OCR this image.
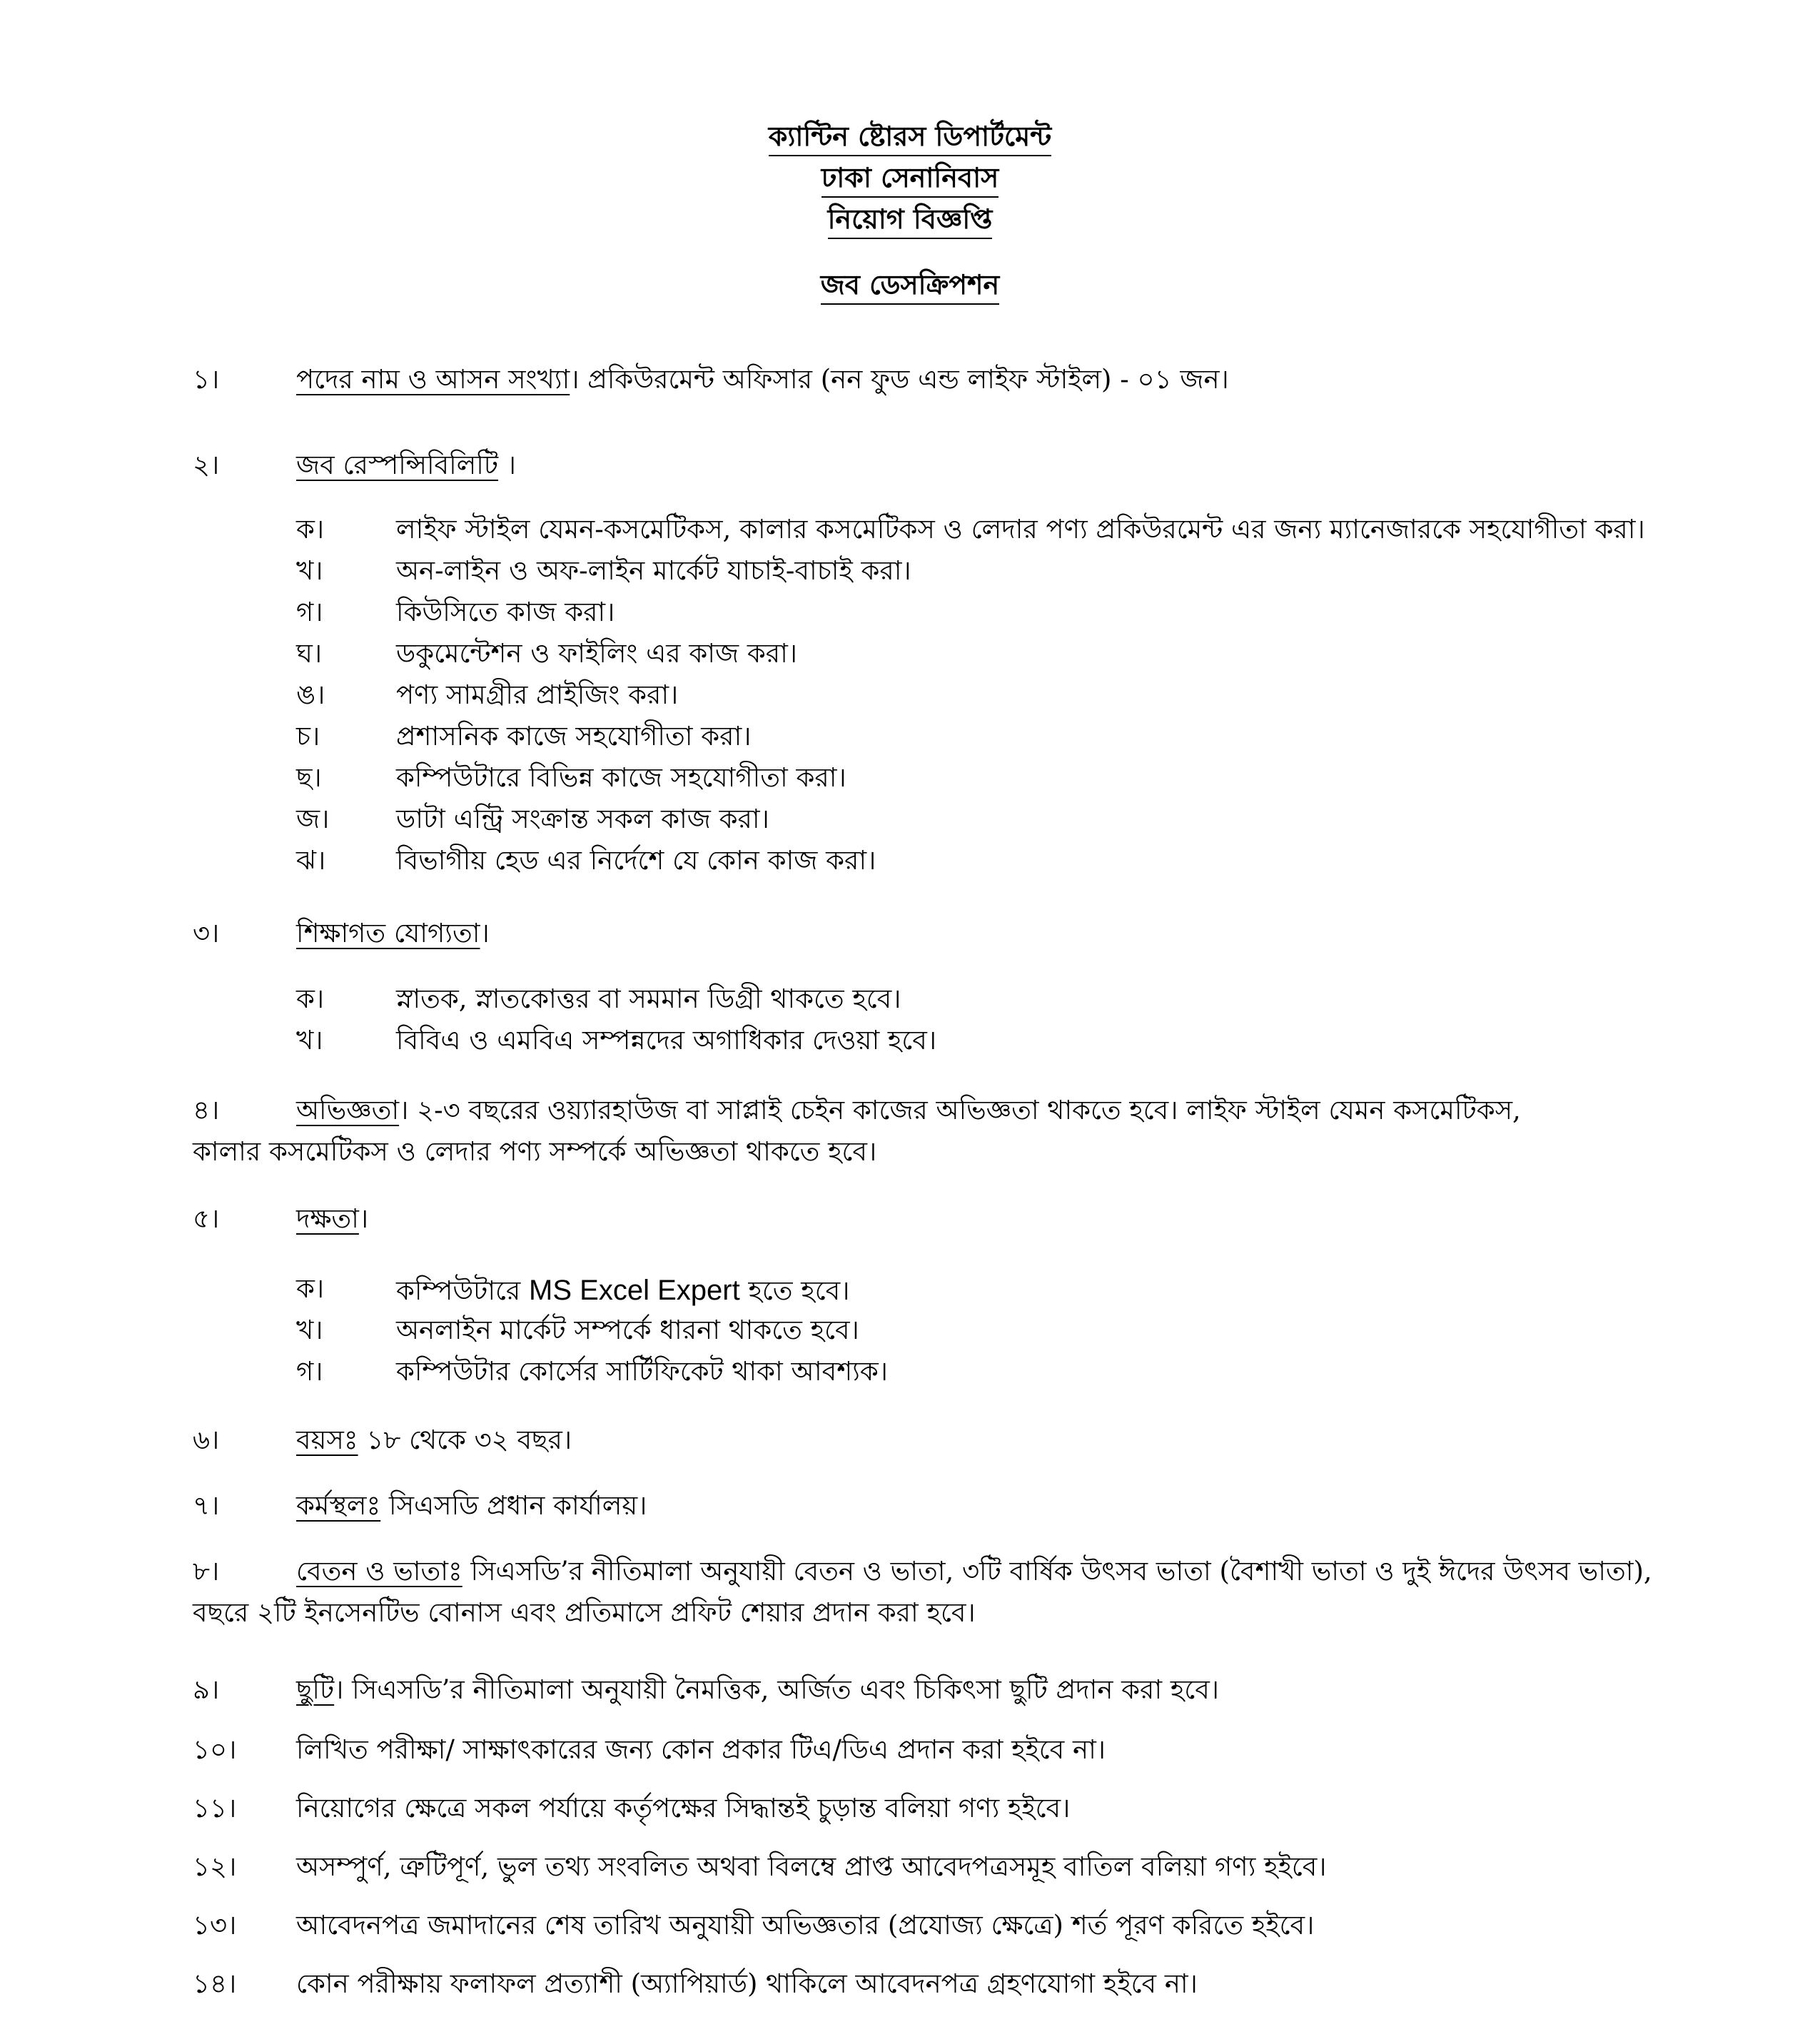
ক্যান্টিন ষ্টোরস ডিপার্টমেন্ট
ঢাকা সেনানিবাস
নিয়োগ বিজ্ঞপ্তি
জব ডেসক্রিপশন
১।	পদের নাম ও আসন সংখ্যা। প্রকিউরমেন্ট অফিসার (নন ফুড এন্ড লাইফ স্টাইল) - ০১ জন।
২।	জব রেস্পন্সিবিলিটি ।
ক।	লাইফ স্টাইল যেমন-কসমেটিকস, কালার কসমেটিকস ও লেদার পণ্য প্রকিউরমেন্ট এর জন্য ম্যানেজারকে সহযোগীতা করা।
খ।	অন-লাইন ও অফ-লাইন মার্কেট যাচাই-বাচাই করা।
গ।	কিউসিতে কাজ করা।
ঘ।	ডকুমেন্টেশন ও ফাইলিং এর কাজ করা।
ঙ।	পণ্য সামগ্রীর প্রাইজিং করা।
চ।	প্রশাসনিক কাজে সহযোগীতা করা।
ছ।	কম্পিউটারে বিভিন্ন কাজে সহযোগীতা করা।
জ।	ডাটা এন্ট্রি সংক্রান্ত সকল কাজ করা।
ঝ।	বিভাগীয় হেড এর নির্দেশে যে কোন কাজ করা।
৩।	শিক্ষাগত যোগ্যতা।
ক।	স্নাতক, স্নাতকোত্তর বা সমমান ডিগ্রী থাকতে হবে।
খ।	বিবিএ ও এমবিএ সম্পন্নদের অগাধিকার দেওয়া হবে।
৪।	অভিজ্ঞতা। ২-৩ বছরের ওয়্যারহাউজ বা সাপ্লাই চেইন কাজের অভিজ্ঞতা থাকতে হবে। লাইফ স্টাইল যেমন কসমেটিকস,
কালার কসমেটিকস ও লেদার পণ্য সম্পর্কে অভিজ্ঞতা থাকতে হবে।
৫।	দক্ষতা।
ক।	কম্পিউটারে MS Excel Expert হতে হবে।
খ।	অনলাইন মার্কেট সম্পর্কে ধারনা থাকতে হবে।
গ।	কম্পিউটার কোর্সের সার্টিফিকেট থাকা আবশ্যক।
৬।	বয়সঃ ১৮ থেকে ৩২ বছর।
৭।	কর্মস্থলঃ সিএসডি প্রধান কার্যালয়।
৮।	বেতন ও ভাতাঃ সিএসডি’র নীতিমালা অনুযায়ী বেতন ও ভাতা, ৩টি বার্ষিক উৎসব ভাতা (বৈশাখী ভাতা ও দুই ঈদের উৎসব ভাতা),
বছরে ২টি ইনসেনটিভ বোনাস এবং প্রতিমাসে প্রফিট শেয়ার প্রদান করা হবে।
৯।	ছুটি। সিএসডি’র নীতিমালা অনুযায়ী নৈমত্তিক, অর্জিত এবং চিকিৎসা ছুটি প্রদান করা হবে।
১০। লিখিত পরীক্ষা/ সাক্ষাৎকারের জন্য কোন প্রকার টিএ/ডিএ প্রদান করা হইবে না।
১১। নিয়োগের ক্ষেত্রে সকল পর্যায়ে কর্তৃপক্ষের সিদ্ধান্তই চুড়ান্ত বলিয়া গণ্য হইবে।
১২। অসম্পুর্ণ, ত্রুটিপূর্ণ, ভুল তথ্য সংবলিত অথবা বিলম্বে প্রাপ্ত আবেদপত্রসমূহ বাতিল বলিয়া গণ্য হইবে।
১৩। আবেদনপত্র জমাদানের শেষ তারিখ অনুযায়ী অভিজ্ঞতার (প্রযোজ্য ক্ষেত্রে) শর্ত পূরণ করিতে হইবে।
১৪। কোন পরীক্ষায় ফলাফল প্রত্যাশী (অ্যাপিয়ার্ড) থাকিলে আবেদনপত্র গ্রহণযোগা হইবে না।
